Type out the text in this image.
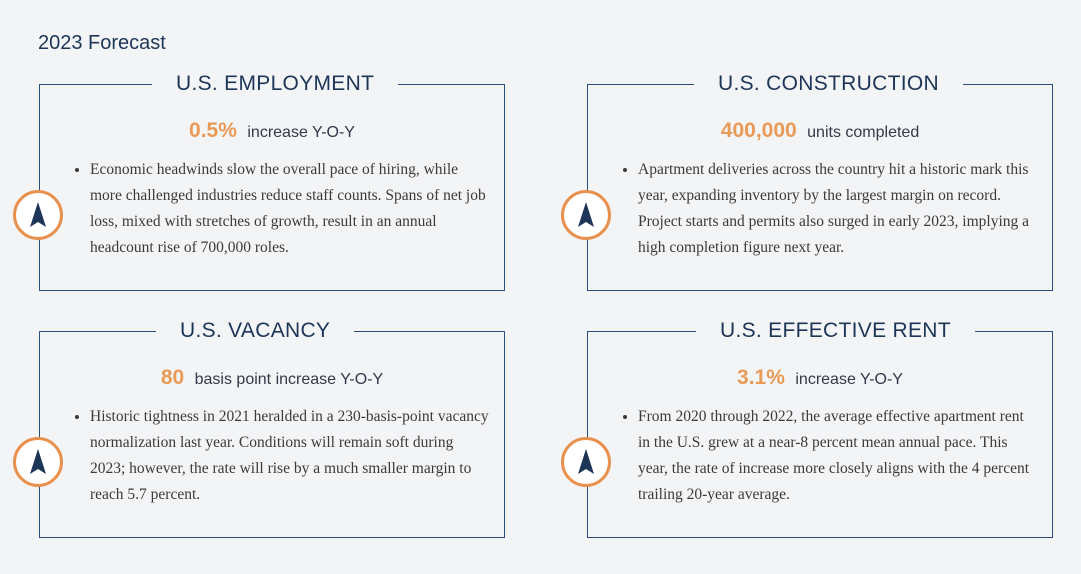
2023 Forecast
U.S. EMPLOYMENT
0.5% increase Y-O-Y
• Economic headwinds slow the overall pace of hiring, while more challenged industries reduce staff counts. Spans of net job loss, mixed with stretches of growth, result in an annual headcount rise of 700,000 roles.
U.S. CONSTRUCTION
400,000 units completed
• Apartment deliveries across the country hit a historic mark this year, expanding inventory by the largest margin on record. Project starts and permits also surged in early 2023, implying a high completion figure next year.
U.S. VACANCY
80 basis point increase Y-O-Y
• Historic tightness in 2021 heralded in a 230-basis-point vacancy normalization last year. Conditions will remain soft during 2023; however, the rate will rise by a much smaller margin to reach 5.7 percent.
U.S. EFFECTIVE RENT
3.1% increase Y-O-Y
• From 2020 through 2022, the average effective apartment rent in the U.S. grew at a near-8 percent mean annual pace. This year, the rate of increase more closely aligns with the 4 percent trailing 20-year average.
